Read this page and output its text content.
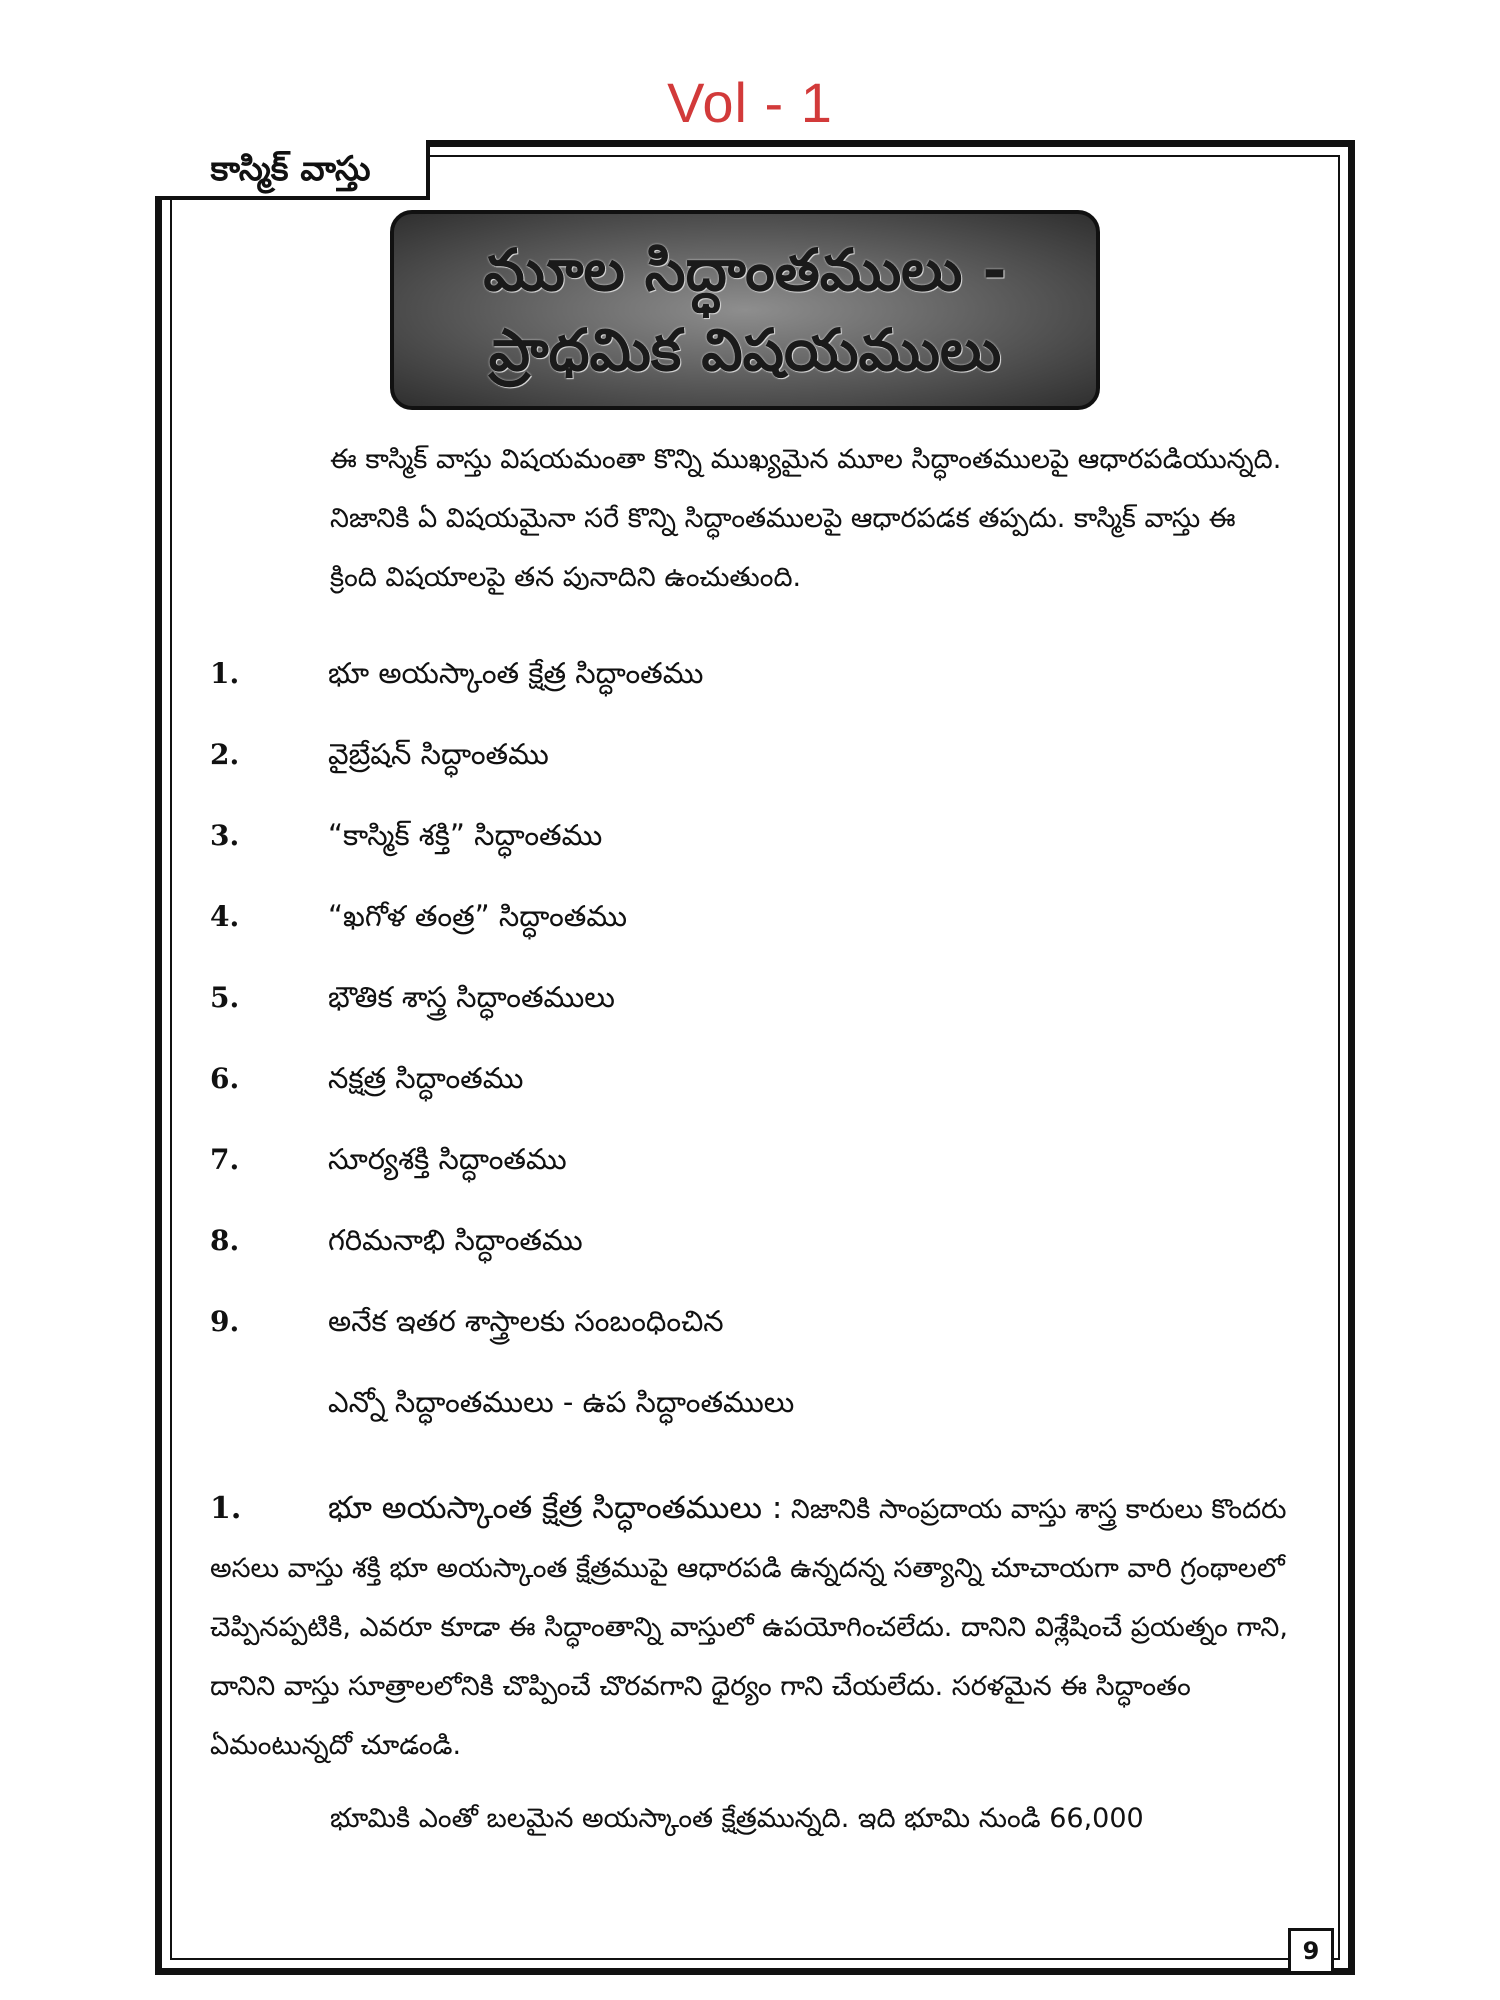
Vol - 1
కాస్మిక్ వాస్తు
మూల సిద్ధాంతములు -
ప్రాధమిక విషయములు

ఈ కాస్మిక్ వాస్తు విషయమంతా కొన్ని ముఖ్యమైన మూల సిద్ధాంతములపై ఆధారపడియున్నది. నిజానికి ఏ విషయమైనా సరే కొన్ని సిద్ధాంతములపై ఆధారపడక తప్పదు. కాస్మిక్ వాస్తు ఈ క్రింది విషయాలపై తన పునాదిని ఉంచుతుంది.

1.	భూ అయస్కాంత క్షేత్ర సిద్ధాంతము
2.	వైబ్రేషన్ సిద్ధాంతము
3.	“కాస్మిక్ శక్తి” సిద్ధాంతము
4.	“ఖగోళ తంత్ర” సిద్ధాంతము
5.	భౌతిక శాస్త్ర సిద్ధాంతములు
6.	నక్షత్ర సిద్ధాంతము
7.	సూర్యశక్తి సిద్ధాంతము
8.	గరిమనాభి సిద్ధాంతము
9.	అనేక ఇతర శాస్త్రాలకు సంబంధించిన
ఎన్నో సిద్ధాంతములు - ఉప సిద్ధాంతములు

1.	భూ అయస్కాంత క్షేత్ర సిద్ధాంతములు : నిజానికి సాంప్రదాయ వాస్తు శాస్త్ర కారులు కొందరు అసలు వాస్తు శక్తి భూ అయస్కాంత క్షేత్రముపై ఆధారపడి ఉన్నదన్న సత్యాన్ని చూచాయగా వారి గ్రంథాలలో చెప్పినప్పటికి, ఎవరూ కూడా ఈ సిద్ధాంతాన్ని వాస్తులో ఉపయోగించలేదు. దానిని విశ్లేషించే ప్రయత్నం గాని, దానిని వాస్తు సూత్రాలలోనికి చొప్పించే చొరవగాని ధైర్యం గాని చేయలేదు. సరళమైన ఈ సిద్ధాంతం ఏమంటున్నదో చూడండి.

భూమికి ఎంతో బలమైన అయస్కాంత క్షేత్రమున్నది. ఇది భూమి నుండి 66,000

9
